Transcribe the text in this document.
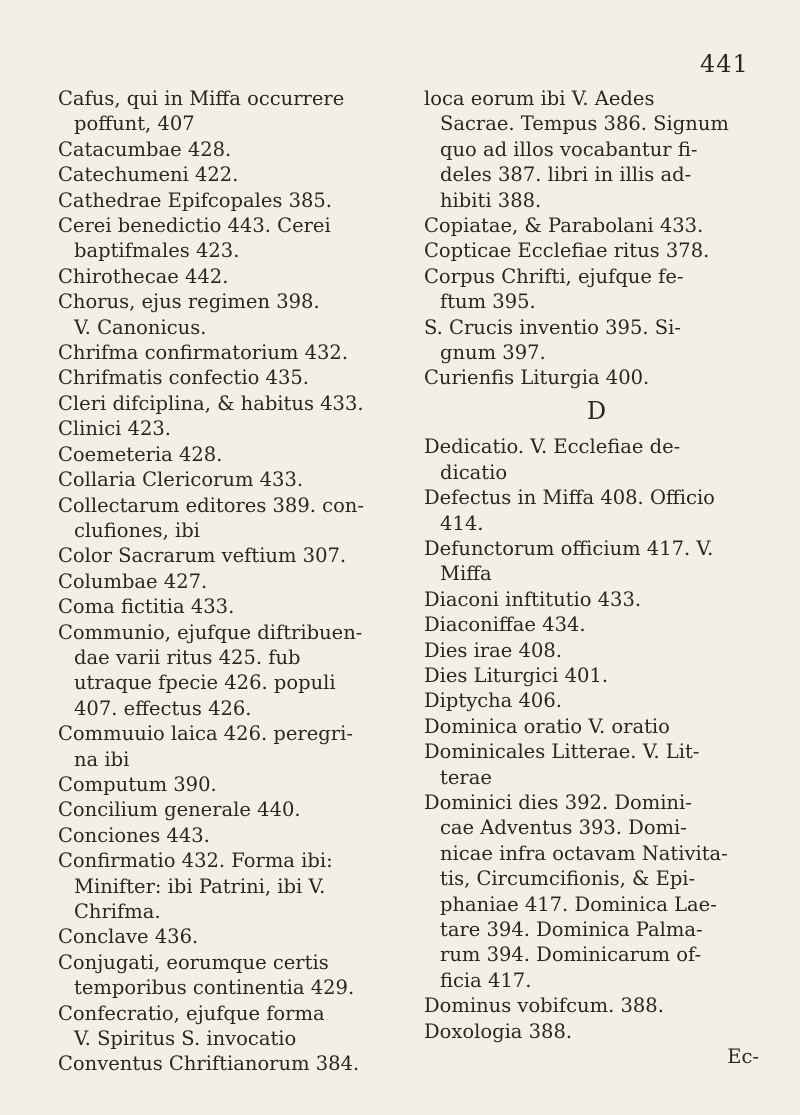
441
Cafus, qui in Miffa occurrere
poffunt, 407
Catacumbae 428.
Catechumeni 422.
Cathedrae Epifcopales 385.
Cerei benedictio 443. Cerei
baptifmales 423.
Chirothecae 442.
Chorus, ejus regimen 398.
V. Canonicus.
Chrifma confirmatorium 432.
Chrifmatis confectio 435.
Cleri difciplina, & habitus 433.
Clinici 423.
Coemeteria 428.
Collaria Clericorum 433.
Collectarum editores 389. con-
clufiones, ibi
Color Sacrarum veftium 307.
Columbae 427.
Coma fictitia 433.
Communio, ejufque diftribuen-
dae varii ritus 425. fub
utraque fpecie 426. populi
407. effectus 426.
Commuuio laica 426. peregri-
na ibi
Computum 390.
Concilium generale 440.
Conciones 443.
Confirmatio 432. Forma ibi:
Minifter: ibi Patrini, ibi V.
Chrifma.
Conclave 436.
Conjugati, eorumque certis
temporibus continentia 429.
Confecratio, ejufque forma
V. Spiritus S. invocatio
Conventus Chriftianorum 384.
loca eorum ibi V. Aedes
Sacrae. Tempus 386. Signum
quo ad illos vocabantur fi-
deles 387. libri in illis ad-
hibiti 388.
Copiatae, & Parabolani 433.
Copticae Ecclefiae ritus 378.
Corpus Chrifti, ejufque fe-
ftum 395.
S. Crucis inventio 395. Si-
gnum 397.
Curienfis Liturgia 400.
D
Dedicatio. V. Ecclefiae de-
dicatio
Defectus in Miffa 408. Officio
414.
Defunctorum officium 417. V.
Miffa
Diaconi inftitutio 433.
Diaconiffae 434.
Dies irae 408.
Dies Liturgici 401.
Diptycha 406.
Dominica oratio V. oratio
Dominicales Litterae. V. Lit-
terae
Dominici dies 392. Domini-
cae Adventus 393. Domi-
nicae infra octavam Nativita-
tis, Circumcifionis, & Epi-
phaniae 417. Dominica Lae-
tare 394. Dominica Palma-
rum 394. Dominicarum of-
ficia 417.
Dominus vobifcum. 388.
Doxologia 388.
Ec-
